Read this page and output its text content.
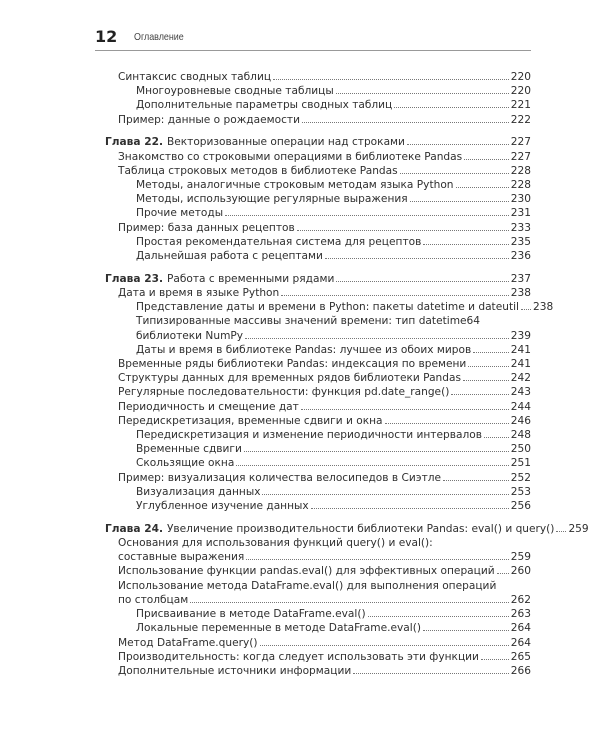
12 Оглавление
Синтаксис сводных таблиц	220
Многоуровневые сводные таблицы	220
Дополнительные параметры сводных таблиц	221
Пример: данные о рождаемости	222
Глава 22. Векторизованные операции над строками	227
Знакомство со строковыми операциями в библиотеке Pandas	227
Таблица строковых методов в библиотеке Pandas	228
Методы, аналогичные строковым методам языка Python	228
Методы, использующие регулярные выражения	230
Прочие методы	231
Пример: база данных рецептов	233
Простая рекомендательная система для рецептов	235
Дальнейшая работа с рецептами	236
Глава 23. Работа с временными рядами	237
Дата и время в языке Python	238
Представление даты и времени в Python: пакеты datetime и dateutil 238
Типизированные массивы значений времени: тип datetime64
библиотеки NumPy	239
Даты и время в библиотеке Pandas: лучшее из обоих миров	241
Временные ряды библиотеки Pandas: индексация по времени	241
Структуры данных для временных рядов библиотеки Pandas	242
Регулярные последовательности: функция pd.date_range()	243
Периодичность и смещение дат	244
Передискретизация, временные сдвиги и окна	246
Передискретизация и изменение периодичности интервалов	248
Временные сдвиги	250
Скользящие окна	251
Пример: визуализация количества велосипедов в Сиэтле	252
Визуализация данных	253
Углубленное изучение данных	256
Глава 24. Увеличение производительности библиотеки Pandas: eval() и query() 259
Основания для использования функций query() и eval():
составные выражения	259
Использование функции pandas.eval() для эффективных операций 260
Использование метода DataFrame.eval() для выполнения операций
по столбцам	262
Присваивание в методе DataFrame.eval()	263
Локальные переменные в методе DataFrame.eval()	264
Метод DataFrame.query()	264
Производительность: когда следует использовать эти функции	265
Дополнительные источники информации	266
